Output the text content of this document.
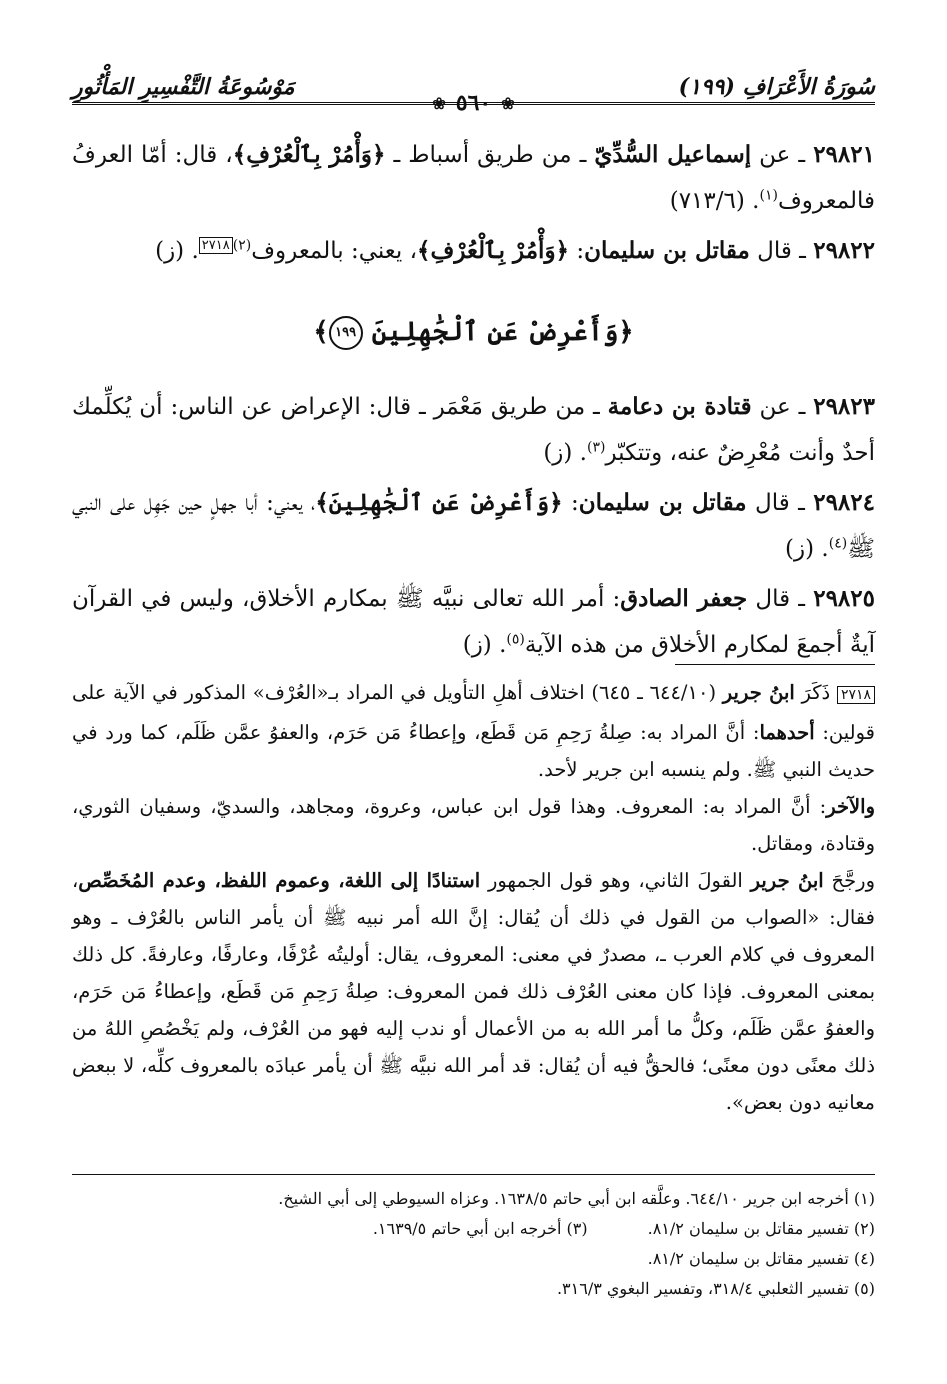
سُورَةُ الأَعْرَافِ (١٩٩)
❀
٥٦٠
❀
مَوْسُوعَةُ التَّفْسِيرِ المَأْثُورِ

٢٩٨٢١ ـ عن إسماعيل السُّدِّيّ ـ من طريق أسباط ـ ﴿وَأْمُرْ بِٱلْعُرْفِ﴾، قال: أمّا العرفُ فالمعروف$^{(١)}$. (٧١٣/٦)

٢٩٨٢٢ ـ قال مقاتل بن سليمان: ﴿وَأْمُرْ بِٱلْعُرْفِ﴾، يعني: بالمعروف$^{(٢)٢٧١٨}$. (ز)

﴿وَأَعْرِضْ عَنِ ٱلْجَٰهِلِينَ ١٩٩﴾

٢٩٨٢٣ ـ عن قتادة بن دعامة ـ من طريق مَعْمَر ـ قال: الإعراض عن الناس: أن يُكلِّمك أحدٌ وأنت مُعْرِضٌ عنه، وتتكبّر$^{(٣)}$. (ز)

٢٩٨٢٤ ـ قال مقاتل بن سليمان: ﴿وَأَعْرِضْ عَنِ ٱلْجَٰهِلِينَ﴾، يعني: أبا جهلٍ حين جَهِل على النبي ﷺ$^{(٤)}$. (ز)

٢٩٨٢٥ ـ قال جعفر الصادق: أمر الله تعالى نبيَّه ﷺ بمكارم الأخلاق، وليس في القرآن آيةٌ أجمعَ لمكارم الأخلاق من هذه الآية$^{(٥)}$. (ز)

٢٧١٨ ذَكَرَ ابنُ جرير (٦٤٤/١٠ ـ ٦٤٥) اختلاف أهلِ التأويل في المراد بـ«العُرْف» المذكور في الآية على قولين: أحدهما: أنَّ المراد به: صِلةُ رَحِمِ مَن قَطَع، وإعطاءُ مَن حَرَم، والعفوُ عمَّن ظَلَم، كما ورد في حديث النبي ﷺ. ولم ينسبه ابن جرير لأحد.

والآخر: أنَّ المراد به: المعروف. وهذا قول ابن عباس، وعروة، ومجاهد، والسديّ، وسفيان الثوري، وقتادة، ومقاتل.

ورجَّحَ ابنُ جرير القولَ الثاني، وهو قول الجمهور استنادًا إلى اللغة، وعموم اللفظ، وعدم المُخَصِّص، فقال: «الصواب من القول في ذلك أن يُقال: إنَّ الله أمر نبيه ﷺ أن يأمر الناس بالعُرْف ـ وهو المعروف في كلام العرب ـ، مصدرٌ في معنى: المعروف، يقال: أوليتُه عُرْفًا، وعارفًا، وعارفةً. كل ذلك بمعنى المعروف. فإذا كان معنى العُرْف ذلك فمن المعروف: صِلةُ رَحِمِ مَن قَطَع، وإعطاءُ مَن حَرَم، والعفوُ عمَّن ظَلَم، وكلُّ ما أمر الله به من الأعمال أو ندب إليه فهو من العُرْف، ولم يَخْصُصِ اللهُ من ذلك معنًى دون معنًى؛ فالحقُّ فيه أن يُقال: قد أمر الله نبيَّه ﷺ أن يأمر عبادَه بالمعروف كلِّه، لا ببعض معانيه دون بعض».

(١) أخرجه ابن جرير ٦٤٤/١٠. وعلَّقه ابن أبي حاتم ١٦٣٨/٥. وعزاه السيوطي إلى أبي الشيخ.

(٢) تفسير مقاتل بن سليمان ٨١/٢.

(٣) أخرجه ابن أبي حاتم ١٦٣٩/٥.

(٤) تفسير مقاتل بن سليمان ٨١/٢.

(٥) تفسير الثعلبي ٣١٨/٤، وتفسير البغوي ٣١٦/٣.
